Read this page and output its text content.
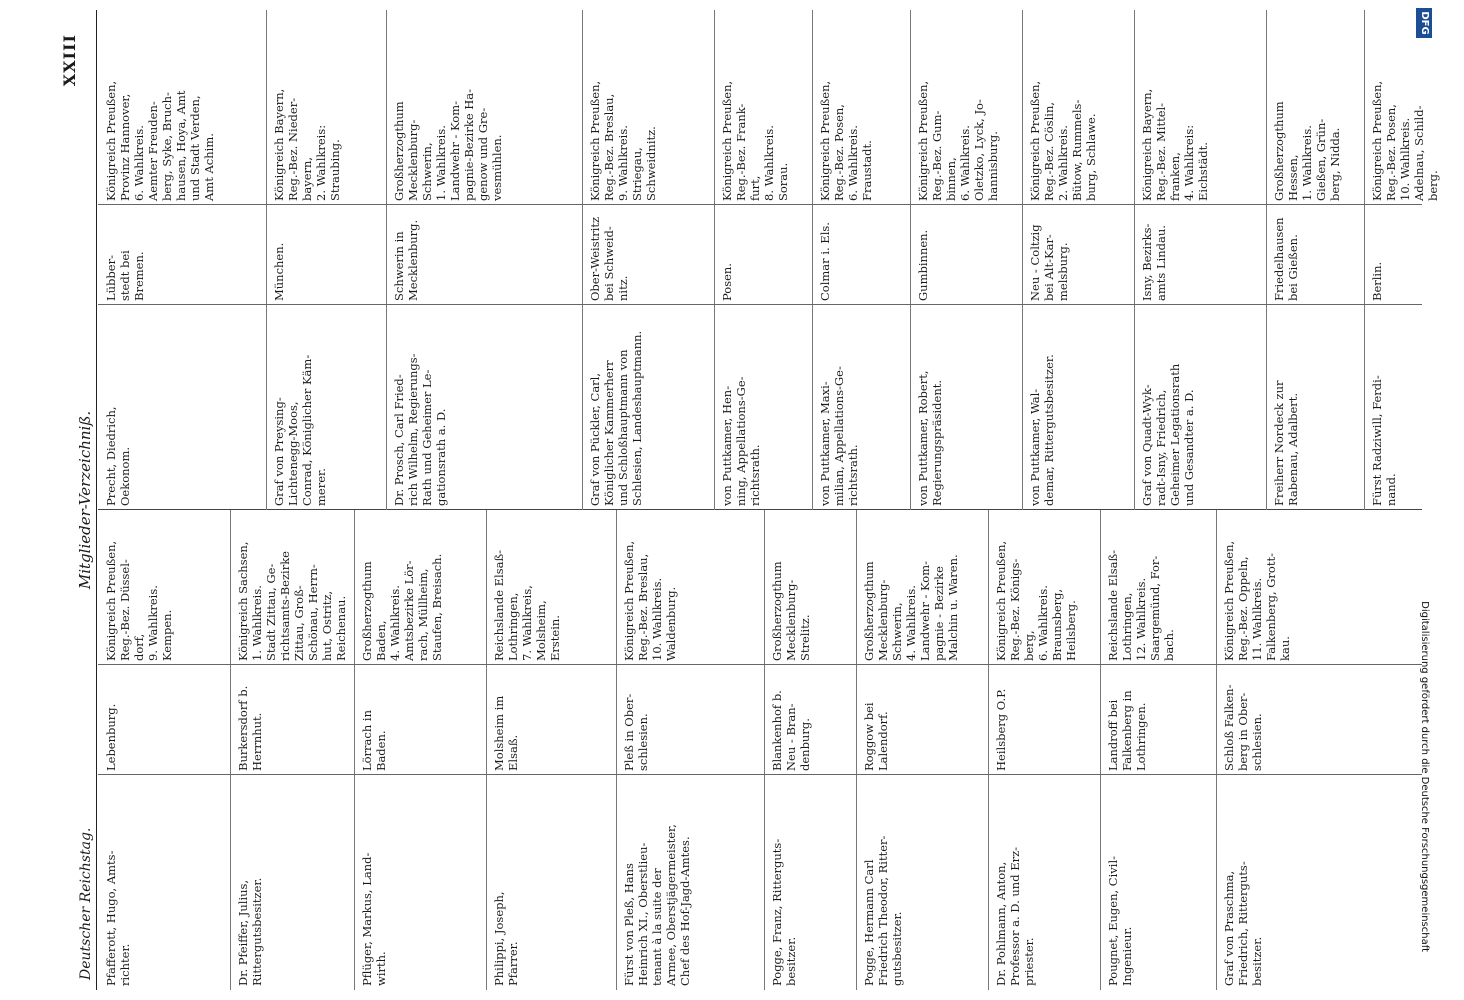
Deutscher Reichstag.
Mitglieder-Verzeichniß.
XXIII
Pfafferott, Hugo, Amts-
richter.
Lebenburg.
Königreich Preußen,
Reg.-Bez. Düssel-
dorf,
9. Wahlkreis.
Kempen.
Dr. Pfeiffer, Julius,
Rittergutsbesitzer.
Burkersdorf b.
Herrnhut.
Königreich Sachsen,
1. Wahlkreis.
Stadt Zittau, Ge-
richtsamts-Bezirke
Zittau, Groß-
Schönau, Herrn-
hut, Ostritz,
Reichenau.
Pflüger, Markus, Land-
wirth.
Lörrach in
Baden.
Großherzogthum
Baden,
4. Wahlkreis.
Amtsbezirke Lör-
rach, Müllheim,
Staufen, Breisach.
Philippi, Joseph,
Pfarrer.
Molsheim im
Elsaß.
Reichslande Elsaß-
Lothringen,
7. Wahlkreis,
Molsheim,
Erstein.
Fürst von Pleß, Hans
Heinrich XI., Oberstlieu-
tenant à la suite der
Armee, Oberstjägermeister,
Chef des Hof-Jagd-Amtes.
Pleß in Ober-
schlesien.
Königreich Preußen,
Reg.-Bez. Breslau,
10. Wahlkreis.
Waldenburg.
Pogge, Franz, Ritterguts-
besitzer.
Blankenhof b.
Neu - Bran-
denburg.
Großherzogthum
Mecklenburg-
Strelitz.
Pogge, Hermann Carl
Friedrich Theodor, Ritter-
gutsbesitzer.
Roggow bei
Lalendorf.
Großherzogthum
Mecklenburg-
Schwerin,
4. Wahlkreis.
Landwehr - Kom-
pagnie - Bezirke
Malchin u. Waren.
Dr. Pohlmann, Anton,
Professor a. D. und Erz-
priester.
Heilsberg O.P.
Königreich Preußen,
Reg.-Bez. Königs-
berg,
6. Wahlkreis.
Braunsberg,
Heilsberg.
Pougnet, Eugen, Civil-
Ingenieur.
Landroff bei
Falkenberg in
Lothringen.
Reichslande Elsaß-
Lothringen,
12. Wahlkreis.
Saargemünd, For-
bach.
Graf von Praschma,
Friedrich, Ritterguts-
besitzer.
Schloß Falken-
berg in Ober-
schlesien.
Königreich Preußen,
Reg.-Bez. Oppeln,
11. Wahlkreis.
Falkenberg, Grott-
kau.
Precht, Diedrich,
Oekonom.
Lübber-
stedt bei
Bremen.
Königreich Preußen,
Provinz Hannover,
6. Wahlkreis.
Aemter Freuden-
berg, Syke, Bruch-
hausen, Hoya, Amt
und Stadt Verden,
Amt Achim.
Graf von Preysing-
Lichtenegg-Moos,
Conrad, Königlicher Käm-
merer.
München.
Königreich Bayern,
Reg.-Bez. Nieder-
bayern,
2. Wahlkreis:
Straubing.
Dr. Prosch, Carl Fried-
rich Wilhelm, Regierungs-
Rath und Geheimer Le-
gationsrath a. D.
Schwerin in
Mecklenburg.
Großherzogthum
Mecklenburg-
Schwerin,
1. Wahlkreis.
Landwehr - Kom-
pagnie-Bezirke Ha-
genow und Gre-
vesmühlen.
Graf von Pückler, Carl,
Königlicher Kammerherr
und Schloßhauptmann von
Schlesien, Landeshauptmann.
Ober-Weistritz
bei Schweid-
nitz.
Königreich Preußen,
Reg.-Bez. Breslau,
9. Wahlkreis.
Striegau,
Schweidnitz.
von Puttkamer, Hen-
ning, Appellations-Ge-
richtsrath.
Posen.
Königreich Preußen,
Reg.-Bez. Frank-
furt,
8. Wahlkreis.
Sorau.
von Puttkamer, Maxi-
milian, Appellations-Ge-
richtsrath.
Colmar i. Els.
Königreich Preußen,
Reg.-Bez. Posen,
6. Wahlkreis.
Fraustadt.
von Puttkamer, Robert,
Regierungspräsident.
Gumbinnen.
Königreich Preußen,
Reg.-Bez. Gum-
binnen,
6. Wahlkreis.
Oletzko, Lyck, Jo-
hannisburg.
von Puttkamer, Wal-
demar, Rittergutsbesitzer.
Neu - Coltzig
bei Alt-Kar-
melsburg.
Königreich Preußen,
Reg.-Bez. Cöslin,
2. Wahlkreis.
Bütow, Rummels-
burg, Schlawe.
Graf von Quadt-Wyk-
radt-Isny, Friedrich,
Geheimer Legationsrath
und Gesandter a. D.
Isny, Bezirks-
amts Lindau.
Königreich Bayern,
Reg.-Bez. Mittel-
franken,
4. Wahlkreis:
Eichstädt.
Freiherr Nordeck zur
Rabenau, Adalbert.
Friedelhausen
bei Gießen.
Großherzogthum
Hessen,
1. Wahlkreis.
Gießen, Grün-
berg, Nidda.
Fürst Radziwill, Ferdi-
nand.
Berlin.
Königreich Preußen,
Reg.-Bez. Posen,
10. Wahlkreis.
Adelnau, Schild-
berg.
DFG
Digitalisierung gefördert durch die Deutsche Forschungsgemeinschaft
